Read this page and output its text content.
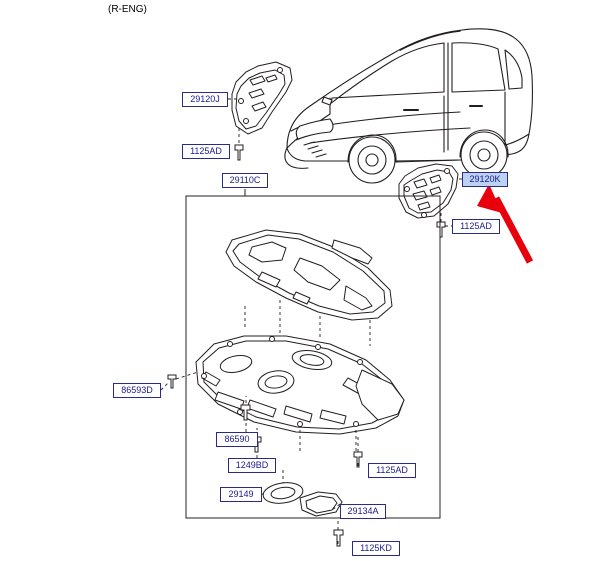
(R-ENG)
29120J
1125AD
29110C	29120K
1125AD
86593D
86590
1249BD	1125AD
29149
29134A
1125KD
